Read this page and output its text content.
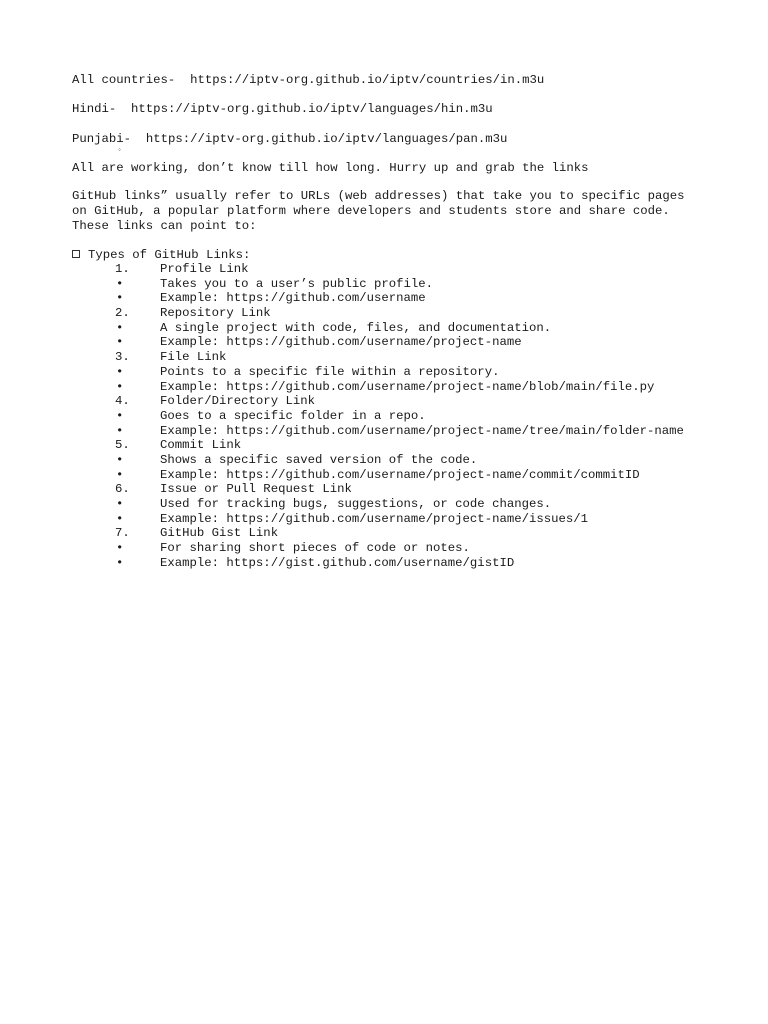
All countries- https://iptv-org.github.io/iptv/countries/in.m3u
Hindi- https://iptv-org.github.io/iptv/languages/hin.m3u
Punjabi- https://iptv-org.github.io/iptv/languages/pan.m3u
◦
All are working, don’t know till how long. Hurry up and grab the links
GitHub links” usually refer to URLs (web addresses) that take you to specific pages
on GitHub, a popular platform where developers and students store and share code.
These links can point to:
Types of GitHub Links:
1. Profile Link
•	Takes you to a user’s public profile.
•	Example: https://github.com/username
2. Repository Link
•	A single project with code, files, and documentation.
•	Example: https://github.com/username/project-name
3. File Link
•	Points to a specific file within a repository.
•	Example: https://github.com/username/project-name/blob/main/file.py
4. Folder/Directory Link
•	Goes to a specific folder in a repo.
•	Example: https://github.com/username/project-name/tree/main/folder-name
5. Commit Link
•	Shows a specific saved version of the code.
•	Example: https://github.com/username/project-name/commit/commitID
6. Issue or Pull Request Link
•	Used for tracking bugs, suggestions, or code changes.
•	Example: https://github.com/username/project-name/issues/1
7. GitHub Gist Link
•	For sharing short pieces of code or notes.
•	Example: https://gist.github.com/username/gistID
